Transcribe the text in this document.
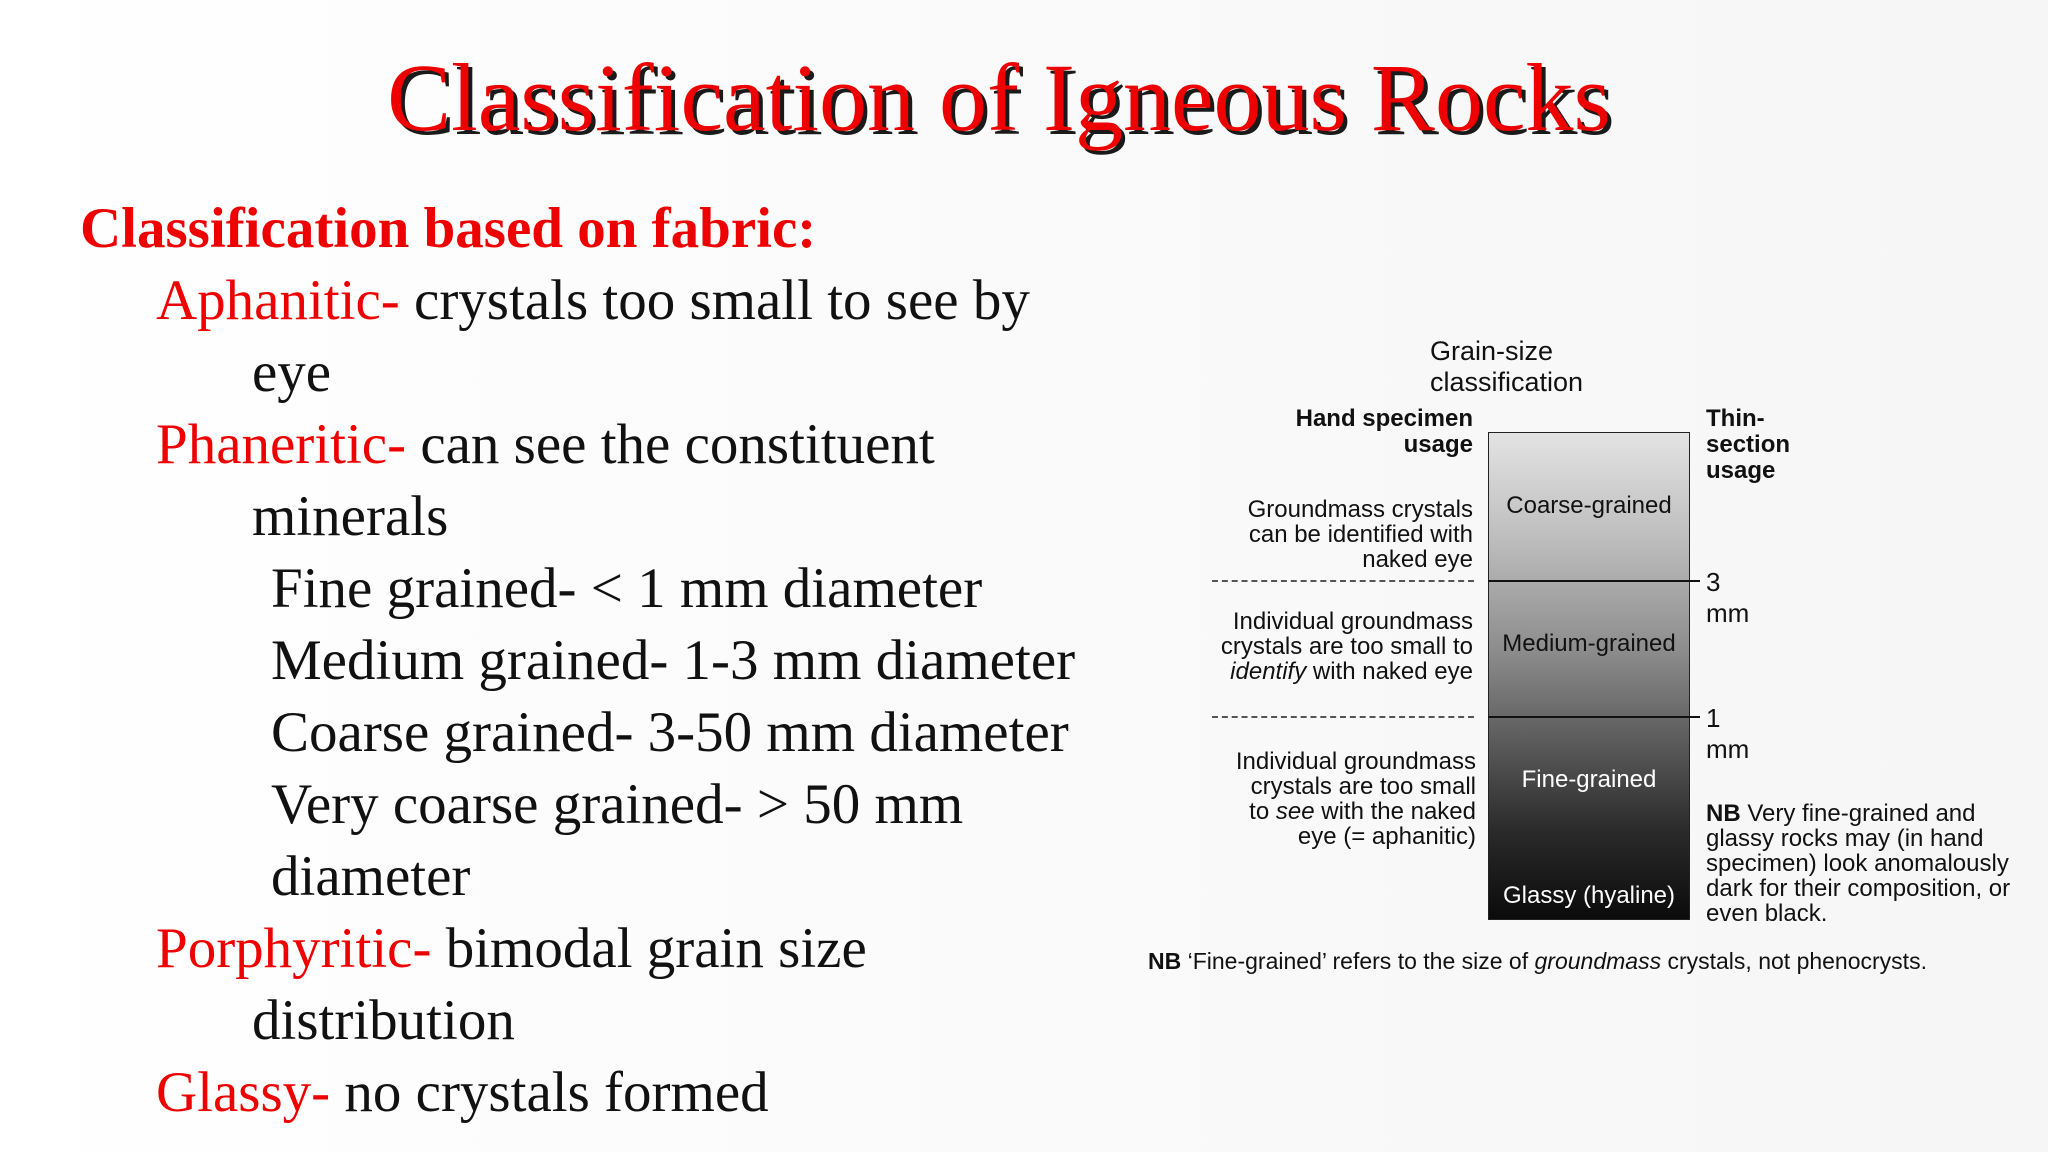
Classification of Igneous Rocks
Classification based on fabric:
Aphanitic- crystals too small to see by
eye
Phaneritic- can see the constituent
minerals
Fine grained- < 1 mm diameter
Medium grained- 1-3 mm diameter
Coarse grained- 3-50 mm diameter
Very coarse grained- > 50 mm
diameter
Porphyritic- bimodal grain size
distribution
Glassy- no crystals formed
Grain-size classification
Hand specimen
usage
Thin-section
usage
Groundmass crystals
can be identified with
naked eye
Individual groundmass
crystals are too small to
identify with naked eye
Individual groundmass
crystals are too small
to see with the naked
eye (= aphanitic)
Coarse-grained
Medium-grained
Fine-grained
Glassy (hyaline)
3 mm
1 mm
NB Very fine-grained and glassy rocks may (in hand specimen) look anomalously dark for their composition, or even black.
NB ‘Fine-grained’ refers to the size of groundmass crystals, not phenocrysts.
